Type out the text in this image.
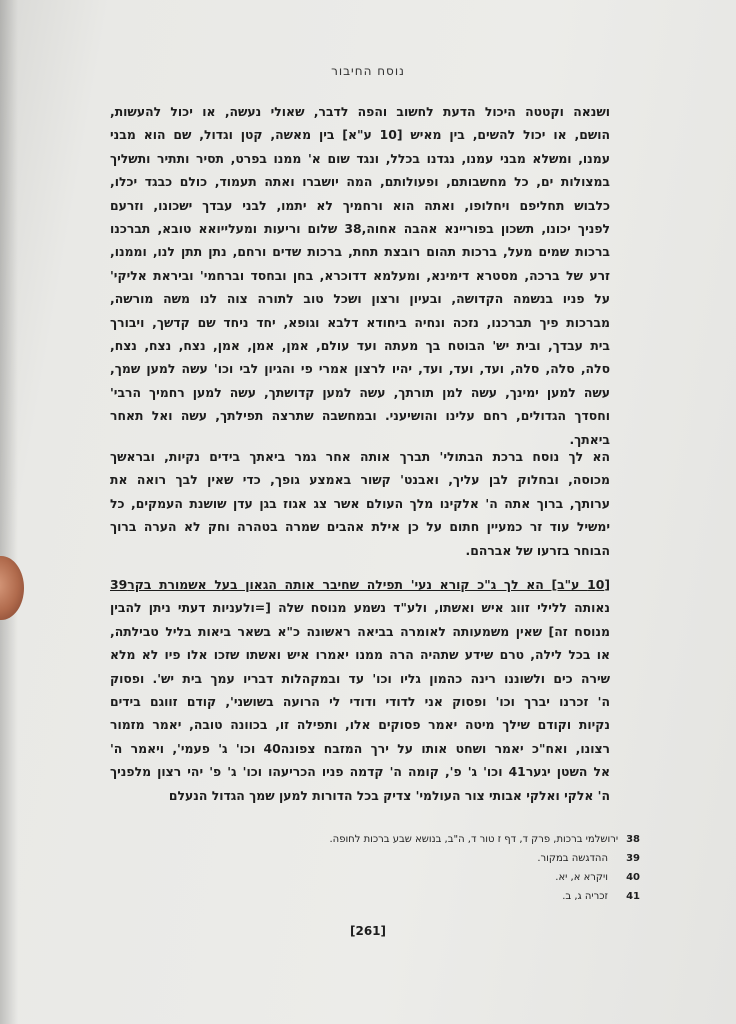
נוסח החיבור
ושנאה וקטטה היכול הדעת לחשוב והפה לדבר, שאולי נעשה, או יכול להעשות,
הושם, או יכול להשים, בין מאיש [10 ע"א] בין מאשה, קטן וגדול, שם הוא מבני
עמנו, ומשלא מבני עמנו, נגדנו בכלל, ונגד שום א' ממנו בפרט, תסיר ותתיר ותשליך
במצולות ים, כל מחשבותם, ופעולותם, המה יושברו ואתה תעמוד, כולם כבגד יכלו,
כלבוש תחליפם ויחלופו, ואתה הוא ורחמיך לא יתמו, לבני עבדך ישכונו, וזרעם
לפניך יכונו, תשכון בפוריינא אהבה אחוה,38 שלום וריעות ומעלייואא טובא, תברכנו
ברכות שמים מעל, ברכות תהום רובצת תחת, ברכות שדים ורחם, נתן תתן לנו, וממנו,
זרע של ברכה, מסטרא דימינא, ומעלמא דדוכרא, בחן ובחסד וברחמי' וביראת אליקי'
על פניו בנשמה הקדושה, ובעיון ורצון ושכל טוב לתורה צוה לנו משה מורשה,
מברכות פיך תברכנו, נזכה ונחיה ביחודא דלבא וגופא, יחד ניחד שם קדשך, ויבורך
בית עבדך, ובית יש' הבוטח בך מעתה ועד עולם, אמן, אמן, אמן, נצח, נצח, נצח,
סלה, סלה, סלה, ועד, ועד, ועד, יהיו לרצון אמרי פי והגיון לבי וכו' עשה למען שמך,
עשה למען ימינך, עשה למן תורתך, עשה למען קדושתך, עשה למען רחמיך הרבי'
וחסדך הגדולים, רחם עלינו והושיעני. ובמחשבה שתרצה תפילתך, עשה ואל תאחר
ביאתך.
הא לך נוסח ברכת הבתולי' תברך אותה אחר גמר ביאתך בידים נקיות, ובראשך
מכוסה, ובחלוק לבן עליך, ואבנט' קשור באמצע גופך, כדי שאין לבך רואה את
ערותך, ברוך אתה ה' אלקינו מלך העולם אשר צג אגוז בגן עדן שושנת העמקים, כל
ימשיל עוד זר כמעיין חתום על כן אילת אהבים שמרה בטהרה וחק לא הערה ברוך
הבוחר בזרעו של אברהם.
[10 ע"ב] הא לך ג"כ קורא נעי' תפילה שחיבר אותה הגאון בעל אשמורת בקר39
נאותה ללילי זווג איש ואשתו, ולע"ד נשמע מנוסח שלה [=ולעניות דעתי ניתן להבין
מנוסח זה] שאין משמעותה לאומרה בביאה ראשונה כ"א בשאר ביאות בליל טבילתה,
או בכל לילה, טרם שידע שתהיה הרה ממנו יאמרו איש ואשתו שזכו אלו פיו לא מלא
שירה כים ולשוננו רינה כהמון גליו וכו' עד ובמקהלות דבריו עמך בית יש'. ופסוק
ה' זכרנו יברך וכו' ופסוק אני לדודי ודודי לי הרועה בשושני', קודם זווגם בידים
נקיות וקודם שילך מיטה יאמר פסוקים אלו, ותפילה זו, בכוונה טובה, יאמר מזמור
רצונו, ואח"כ יאמר ושחט אותו על ירך המזבח צפונה40 וכו' ג' פעמי', ויאמר ה'
אל השטן יגער41 וכו' ג' פ', קומה ה' קדמה פניו הכריעהו וכו' ג' פ' יהי רצון מלפניך
ה' אלקי ואלקי אבותי צור העולמי' צדיק בכל הדורות למען שמך הגדול הנעלם
38
ירושלמי ברכות, פרק ד, דף ז טור ד, ה"ב, בנושא שבע ברכות לחופה.
39
ההדגשה במקור.
40
ויקרא א, יא.
41
זכריה ג, ב.
[261]
